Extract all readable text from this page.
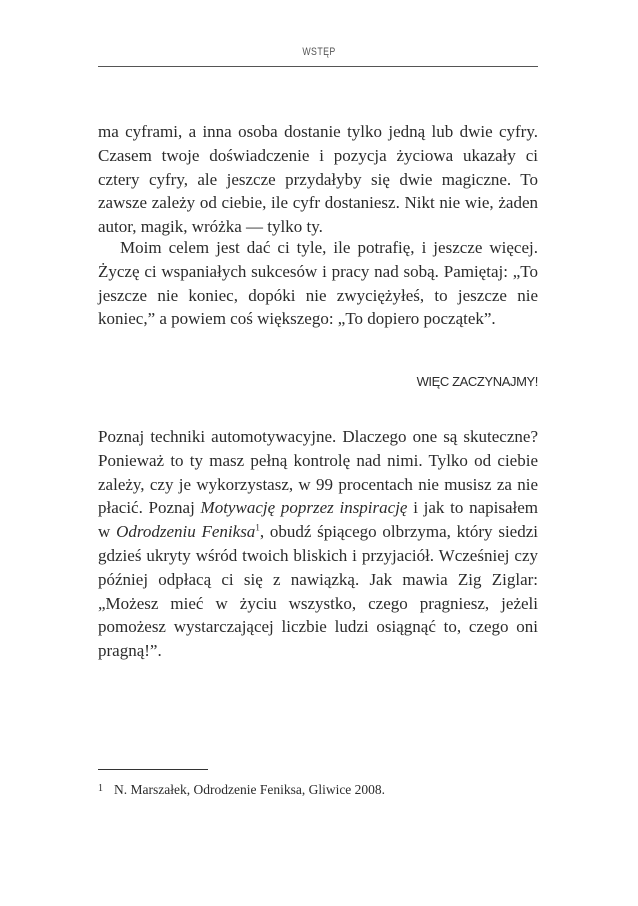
WSTĘP
ma cyframi, a inna osoba dostanie tylko jedną lub dwie cyfry. Czasem twoje doświadczenie i pozycja życiowa ukazały ci cztery cyfry, ale jeszcze przydałyby się dwie magiczne. To zawsze zależy od ciebie, ile cyfr dostaniesz. Nikt nie wie, żaden autor, magik, wróżka — tylko ty.
Moim celem jest dać ci tyle, ile potrafię, i jeszcze więcej. Życzę ci wspaniałych sukcesów i pracy nad sobą. Pamiętaj: „To jeszcze nie koniec, dopóki nie zwyciężyłeś, to jeszcze nie koniec,” a powiem coś większego: „To dopiero początek”.
WIĘC ZACZYNAJMY!
Poznaj techniki automotywacyjne. Dlaczego one są skuteczne? Ponieważ to ty masz pełną kontrolę nad nimi. Tylko od ciebie zależy, czy je wykorzystasz, w 99 procentach nie musisz za nie płacić. Poznaj Motywację poprzez inspirację i jak to napisałem w Odrodzeniu Feniksa$^1$, obudź śpiącego olbrzyma, który siedzi gdzieś ukryty wśród twoich bliskich i przyjaciół. Wcześniej czy później odpłacą ci się z nawiązką. Jak mawia Zig Ziglar: „Możesz mieć w życiu wszystko, czego pragniesz, jeżeli pomożesz wystarczającej liczbie ludzi osiągnąć to, czego oni pragną!”.
1 N. Marszałek, Odrodzenie Feniksa, Gliwice 2008.
